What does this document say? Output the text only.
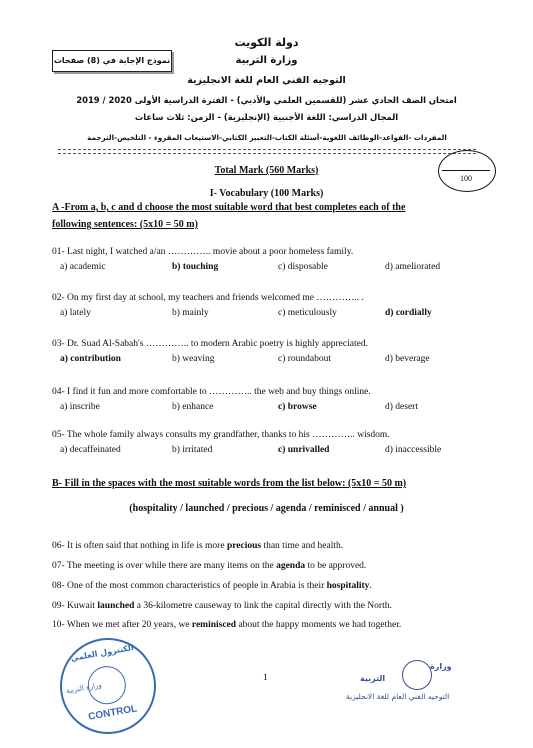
دولة الكويت
وزارة التربية
نموذج الإجابة في (8) صفحات
التوجيه الفني العام للغة الانجليزية
امتحان الصف الحادي عشر (للقسمين العلمي والأدبي) - الفترة الدراسية الأولى 2020 / 2019
المجال الدراسي: اللغة الأجنبية (الإنجليزية) - الزمن: ثلاث ساعات
المفردات -القواعد-الوظائف اللغوية-أسئلة الكتاب-التعبير الكتابي-الاستيعاب المقروء - التلخيص-الترجمة
100
Total Mark (560 Marks)
I- Vocabulary (100 Marks)
A -From a, b, c and d choose the most suitable word that best completes each of the
following sentences: (5x10 = 50 m)
01- Last night, I watched a/an ………….. movie about a poor homeless family.
a) academic	b) touching	c) disposable	d) ameliorated
02- On my first day at school, my teachers and friends welcomed me ………….. .
a) lately	b) mainly	c) meticulously	d) cordially
03- Dr. Suad Al-Sabah's ………….. to modern Arabic poetry is highly appreciated.
a) contribution	b) weaving	c) roundabout	d) beverage
04- I find it fun and more comfortable to ………….. the web and buy things online.
a) inscribe	b) enhance	c) browse	d) desert
05- The whole family always consults my grandfather, thanks to his ………….. wisdom.
a) decaffeinated	b) irritated	c) unrivalled	d) inaccessible
B- Fill in the spaces with the most suitable words from the list below: (5x10 = 50 m)
(hospitality / launched / precious / agenda / reminisced / annual )
06- It is often said that nothing in life is more precious than time and health.
07- The meeting is over while there are many items on the agenda to be approved.
08- One of the most common characteristics of people in Arabia is their hospitality.
09- Kuwait launched a 36-kilometre causeway to link the capital directly with the North.
10- When we met after 20 years, we reminisced about the happy moments we had together.
1
الكنترول العلمي
وزارة التربية
CONTROL
وزارة
التربية
التوجيه الفني العام للغة الانجليزية
